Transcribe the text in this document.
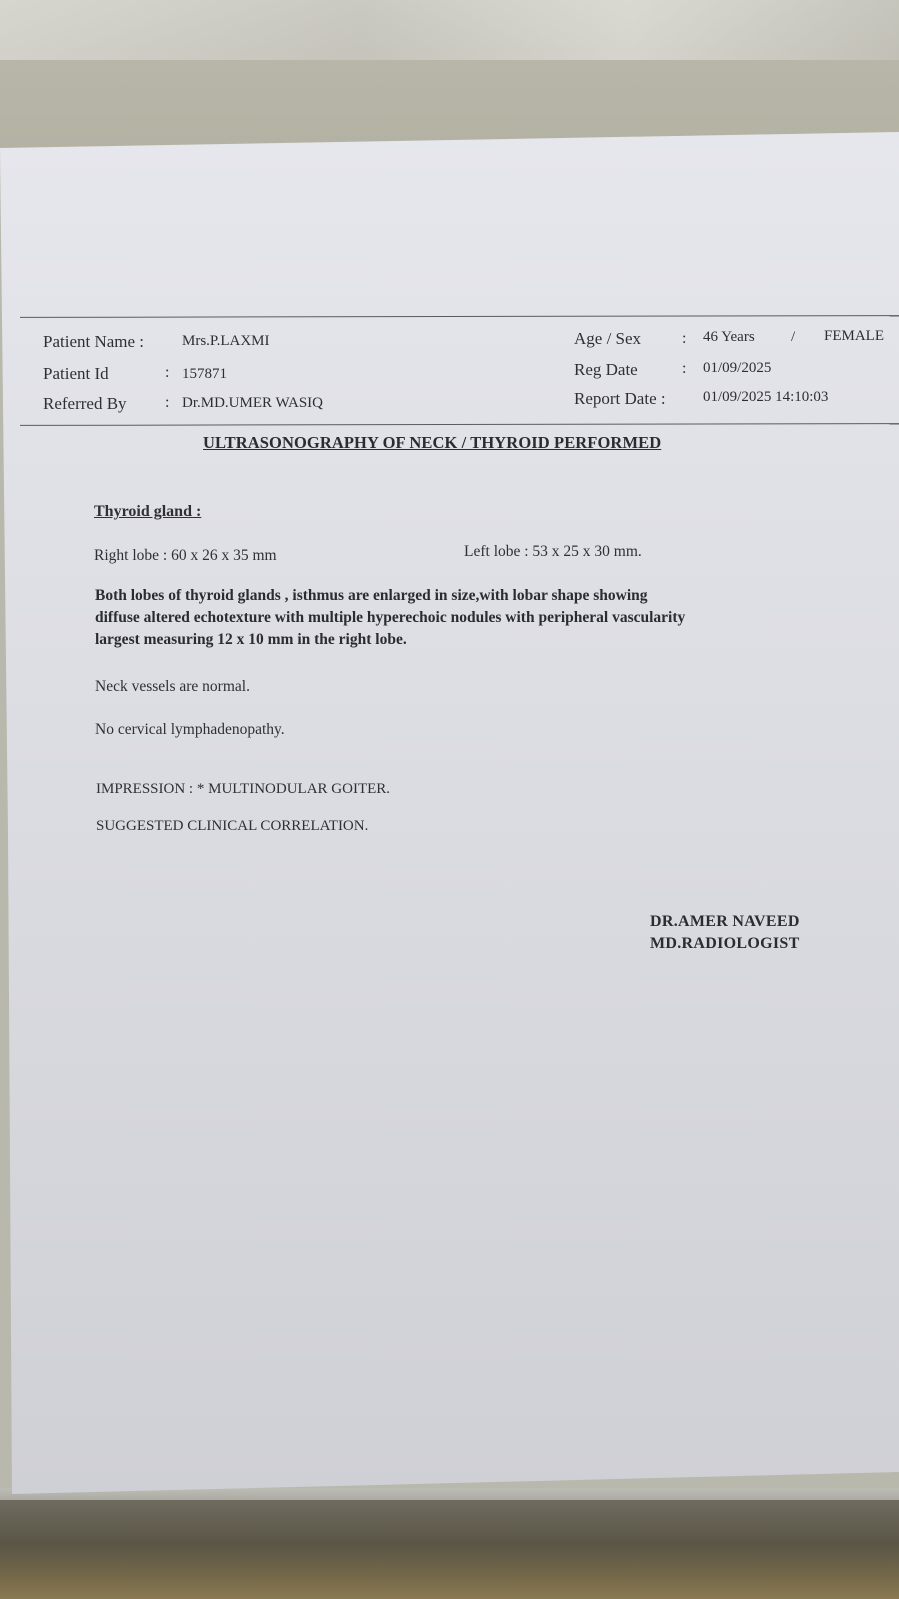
Patient Name :	Mrs.P.LAXMI
Patient Id	: 157871
Referred By : Dr.MD.UMER WASIQ
Age / Sex	: 46 Years / FEMALE
Reg Date	: 01/09/2025
Report Date : 01/09/2025 14:10:03
ULTRASONOGRAPHY OF NECK / THYROID PERFORMED
Thyroid gland :
Right lobe : 60 x 26 x 35 mm	Left lobe : 53 x 25 x 30 mm.
Both lobes of thyroid glands , isthmus are enlarged in size,with lobar shape showing
diffuse altered echotexture with multiple hyperechoic nodules with peripheral vascularity
largest measuring 12 x 10 mm in the right lobe.
Neck vessels are normal.
No cervical lymphadenopathy.
IMPRESSION : * MULTINODULAR GOITER.
SUGGESTED CLINICAL CORRELATION.
DR.AMER NAVEED
MD.RADIOLOGIST
